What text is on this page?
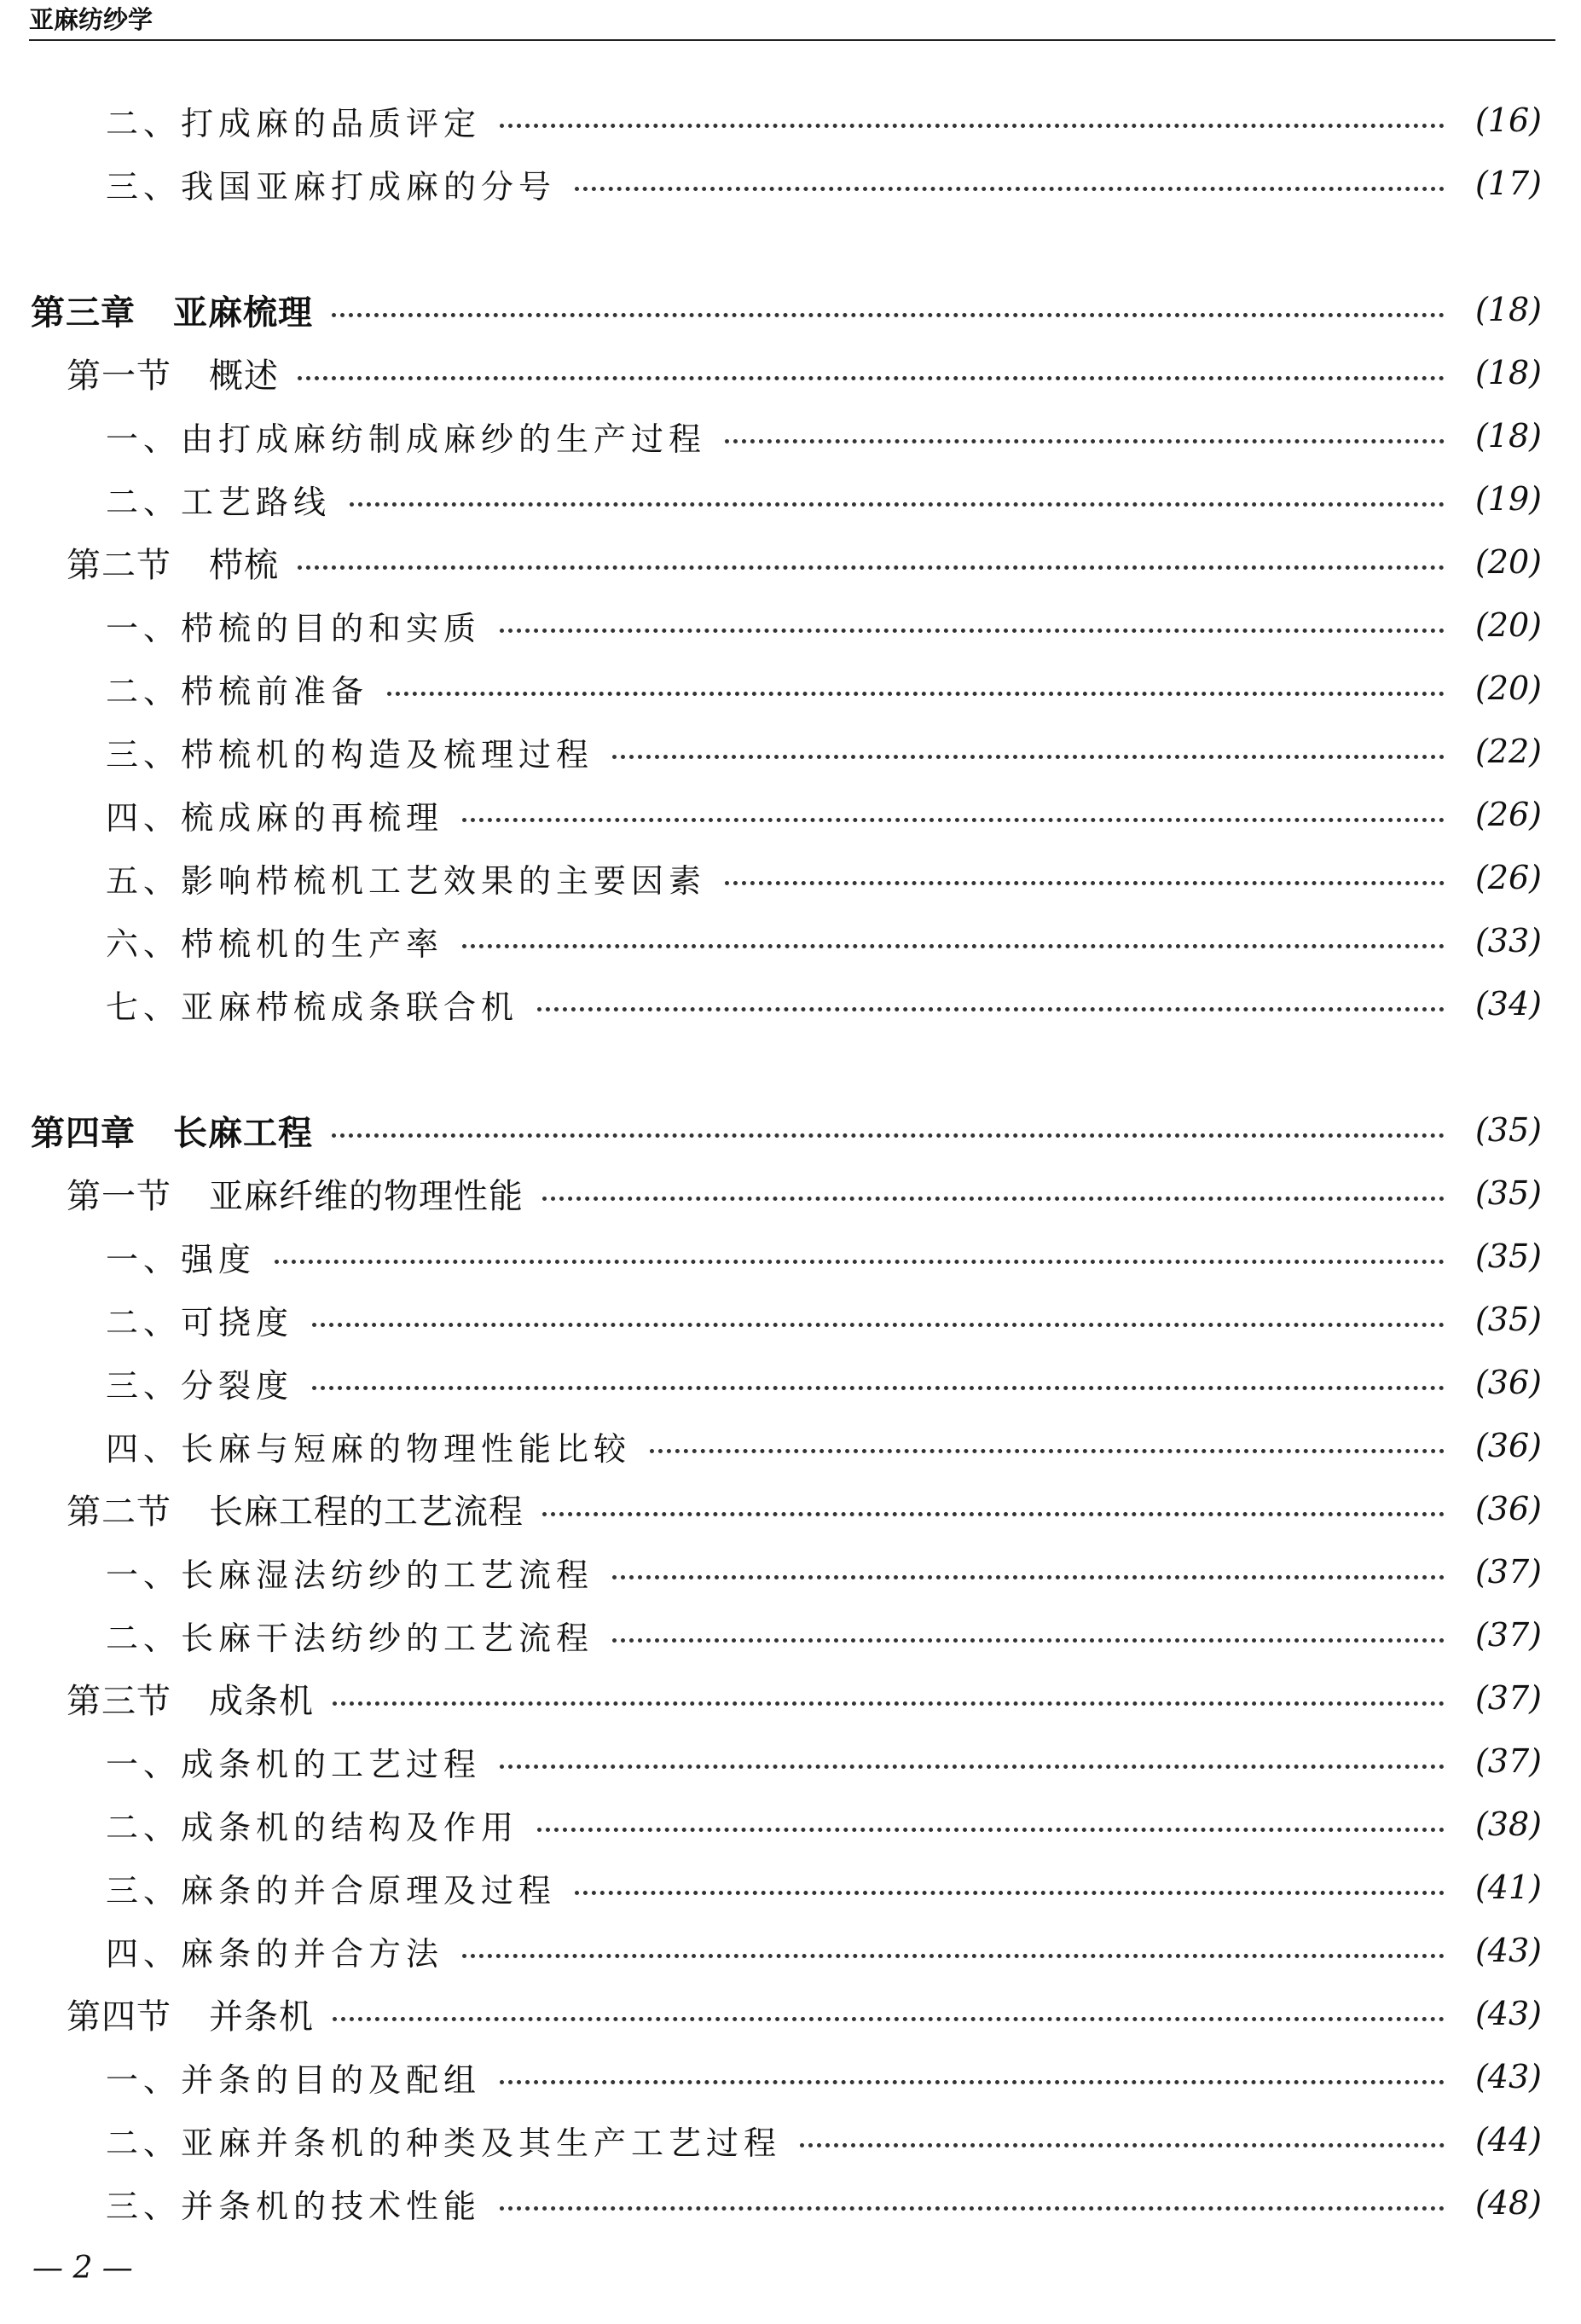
亚麻纺纱学
二、打成麻的品质评定	(16)
三、我国亚麻打成麻的分号	(17)
第三章 亚麻梳理	(18)
第一节 概述	(18)
一、由打成麻纺制成麻纱的生产过程	(18)
二、工艺路线	(19)
第二节 栉梳	(20)
一、栉梳的目的和实质	(20)
二、栉梳前准备	(20)
三、栉梳机的构造及梳理过程	(22)
四、梳成麻的再梳理	(26)
五、影响栉梳机工艺效果的主要因素	(26)
六、栉梳机的生产率	(33)
七、亚麻栉梳成条联合机	(34)
第四章 长麻工程	(35)
第一节 亚麻纤维的物理性能	(35)
一、强度	(35)
二、可挠度	(35)
三、分裂度	(36)
四、长麻与短麻的物理性能比较	(36)
第二节 长麻工程的工艺流程	(36)
一、长麻湿法纺纱的工艺流程	(37)
二、长麻干法纺纱的工艺流程	(37)
第三节 成条机	(37)
一、成条机的工艺过程	(37)
二、成条机的结构及作用	(38)
三、麻条的并合原理及过程	(41)
四、麻条的并合方法	(43)
第四节 并条机	(43)
一、并条的目的及配组	(43)
二、亚麻并条机的种类及其生产工艺过程	(44)
三、并条机的技术性能	(48)
— 2 —
